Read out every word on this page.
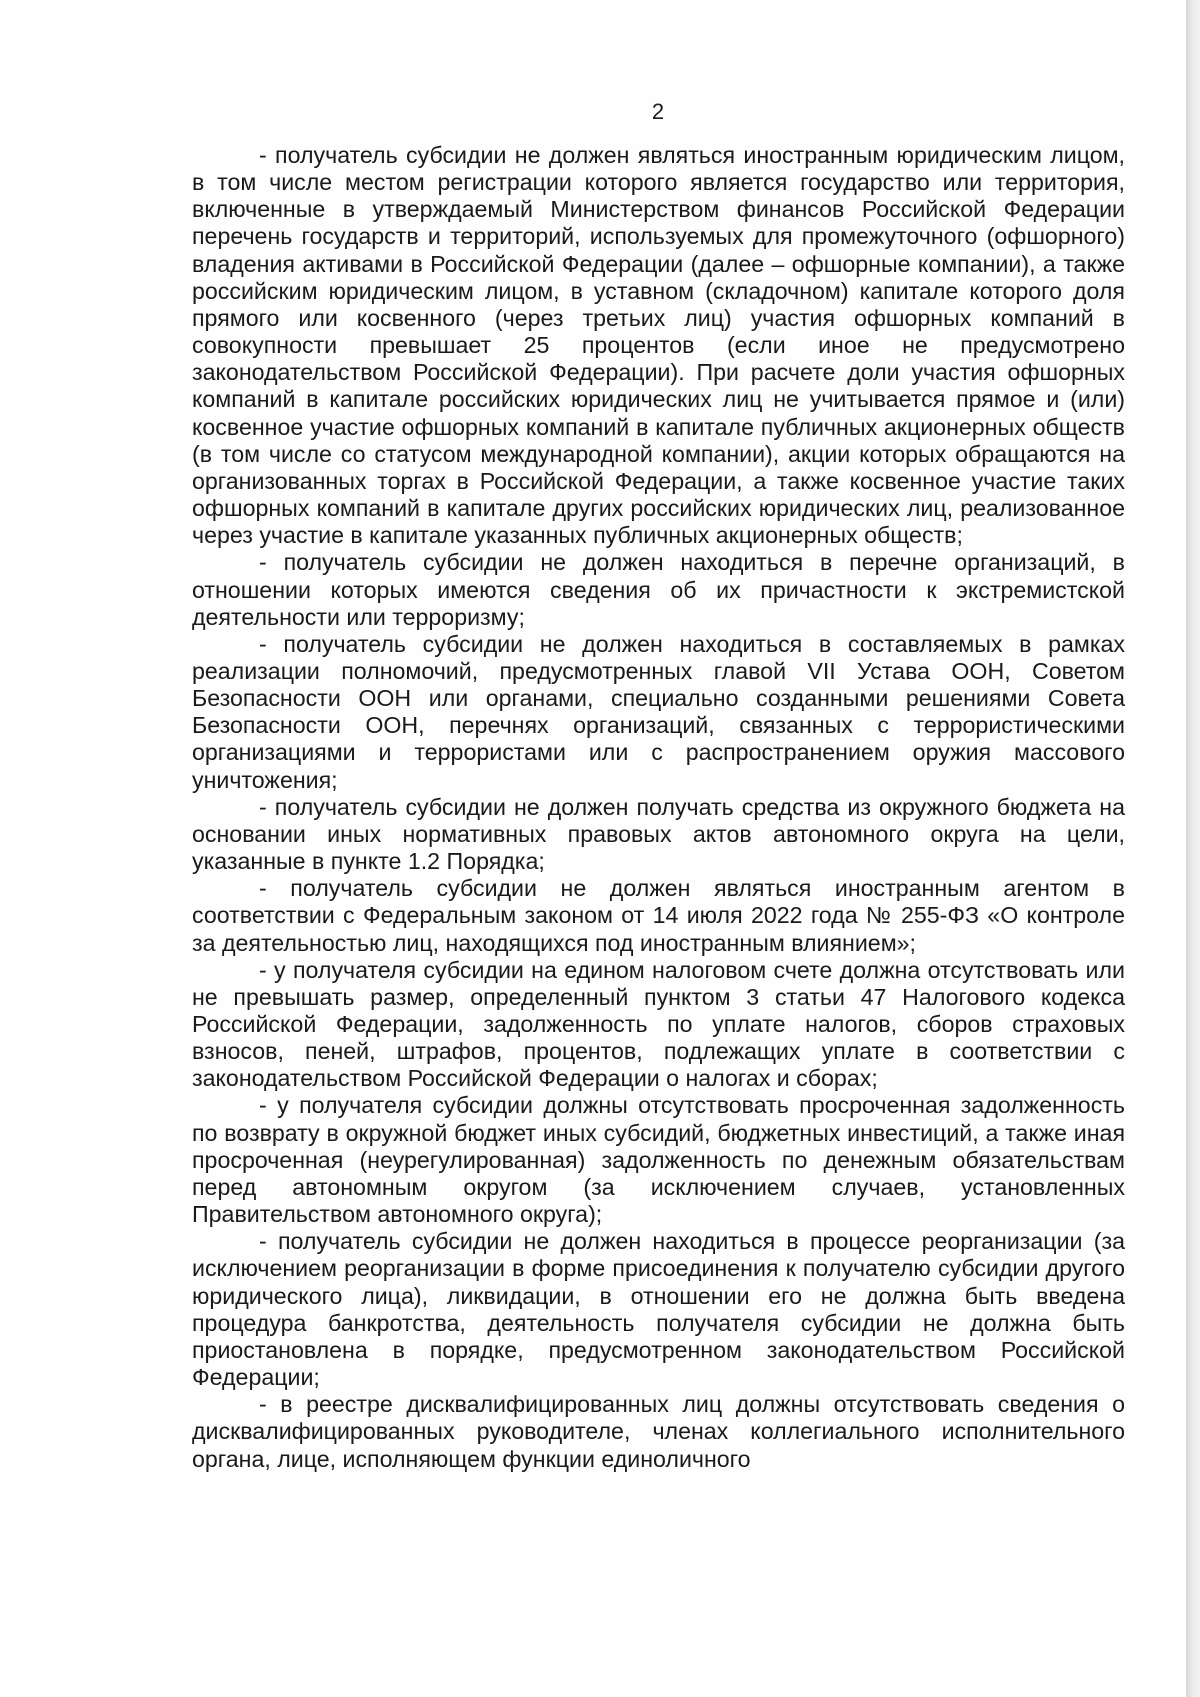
2

- получатель субсидии не должен являться иностранным юридическим лицом, в том числе местом регистрации которого является государство или территория, включенные в утверждаемый Министерством финансов Российской Федерации перечень государств и территорий, используемых для промежуточного (офшорного) владения активами в Российской Федерации (далее – офшорные компании), а также российским юридическим лицом, в уставном (складочном) капитале которого доля прямого или косвенного (через третьих лиц) участия офшорных компаний в совокупности превышает 25 процентов (если иное не предусмотрено законодательством Российской Федерации). При расчете доли участия офшорных компаний в капитале российских юридических лиц не учитывается прямое и (или) косвенное участие офшорных компаний в капитале публичных акционерных обществ (в том числе со статусом международной компании), акции которых обращаются на организованных торгах в Российской Федерации, а также косвенное участие таких офшорных компаний в капитале других российских юридических лиц, реализованное через участие в капитале указанных публичных акционерных обществ;

- получатель субсидии не должен находиться в перечне организаций, в отношении которых имеются сведения об их причастности к экстремистской деятельности или терроризму;

- получатель субсидии не должен находиться в составляемых в рамках реализации полномочий, предусмотренных главой VII Устава ООН, Советом Безопасности ООН или органами, специально созданными решениями Совета Безопасности ООН, перечнях организаций, связанных с террористическими организациями и террористами или с распространением оружия массового уничтожения;

- получатель субсидии не должен получать средства из окружного бюджета на основании иных нормативных правовых актов автономного округа на цели, указанные в пункте 1.2 Порядка;

- получатель субсидии не должен являться иностранным агентом в соответствии с Федеральным законом от 14 июля 2022 года № 255-ФЗ «О контроле за деятельностью лиц, находящихся под иностранным влиянием»;

- у получателя субсидии на едином налоговом счете должна отсутствовать или не превышать размер, определенный пунктом 3 статьи 47 Налогового кодекса Российской Федерации, задолженность по уплате налогов, сборов страховых взносов, пеней, штрафов, процентов, подлежащих уплате в соответствии с законодательством Российской Федерации о налогах и сборах;

- у получателя субсидии должны отсутствовать просроченная задолженность по возврату в окружной бюджет иных субсидий, бюджетных инвестиций, а также иная просроченная (неурегулированная) задолженность по денежным обязательствам перед автономным округом (за исключением случаев, установленных Правительством автономного округа);

- получатель субсидии не должен находиться в процессе реорганизации (за исключением реорганизации в форме присоединения к получателю субсидии другого юридического лица), ликвидации, в отношении его не должна быть введена процедура банкротства, деятельность получателя субсидии не должна быть приостановлена в порядке, предусмотренном законодательством Российской Федерации;

- в реестре дисквалифицированных лиц должны отсутствовать сведения о дисквалифицированных руководителе, членах коллегиального исполнительного органа, лице, исполняющем функции единоличного
